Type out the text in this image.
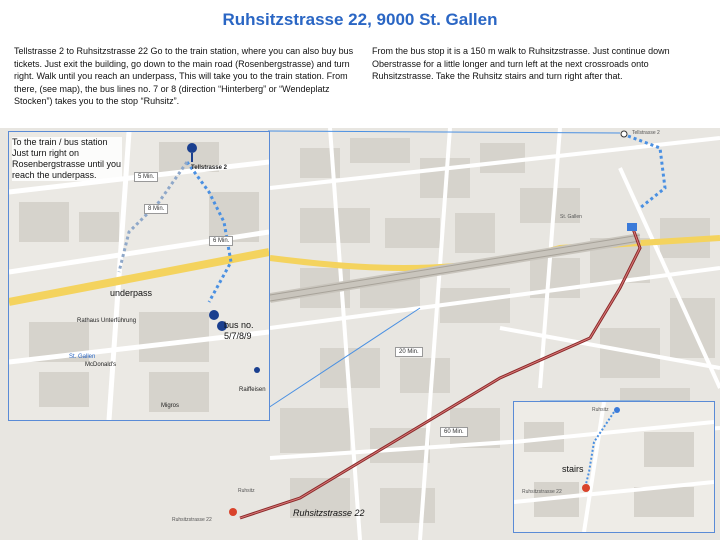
Ruhsitzstrasse 22, 9000 St. Gallen
Tellstrasse 2 to Ruhsitzstrasse 22 Go to the train station, where you can also buy bus tickets. Just exit the building, go down to the main road (Rosenbergstrasse) and turn right. Walk until you reach an underpass, This will take you to the train station. From there, (see map), the bus lines no. 7 or 8 (direction “Hinterberg” or “Wendeplatz Stocken”) takes you to the stop “Ruhsitz”.
From the bus stop it is a 150 m walk to Ruhsitzstrasse. Just continue down Oberstrasse for a little longer and turn left at the next crossroads onto Ruhsitzstrasse. Take the Ruhsitz stairs and turn right after that.
Tellstrasse 2
St. Gallen
Ruhsitz
Ruhsitzstrasse 22
20 Min.
60 Min.
Tellstrasse 2
Rathaus Unterführung
McDonald's
Migros
Raiffeisen
St. Gallen
5 Min.
8 Min.
6 Min.
Ruhsitz
Ruhsitzstrasse 22
To the train / bus station Just turn right on Rosenbergstrasse until you reach the underpass.
underpass
bus no. 5/7/8/9
stairs
Ruhsitzstrasse 22
